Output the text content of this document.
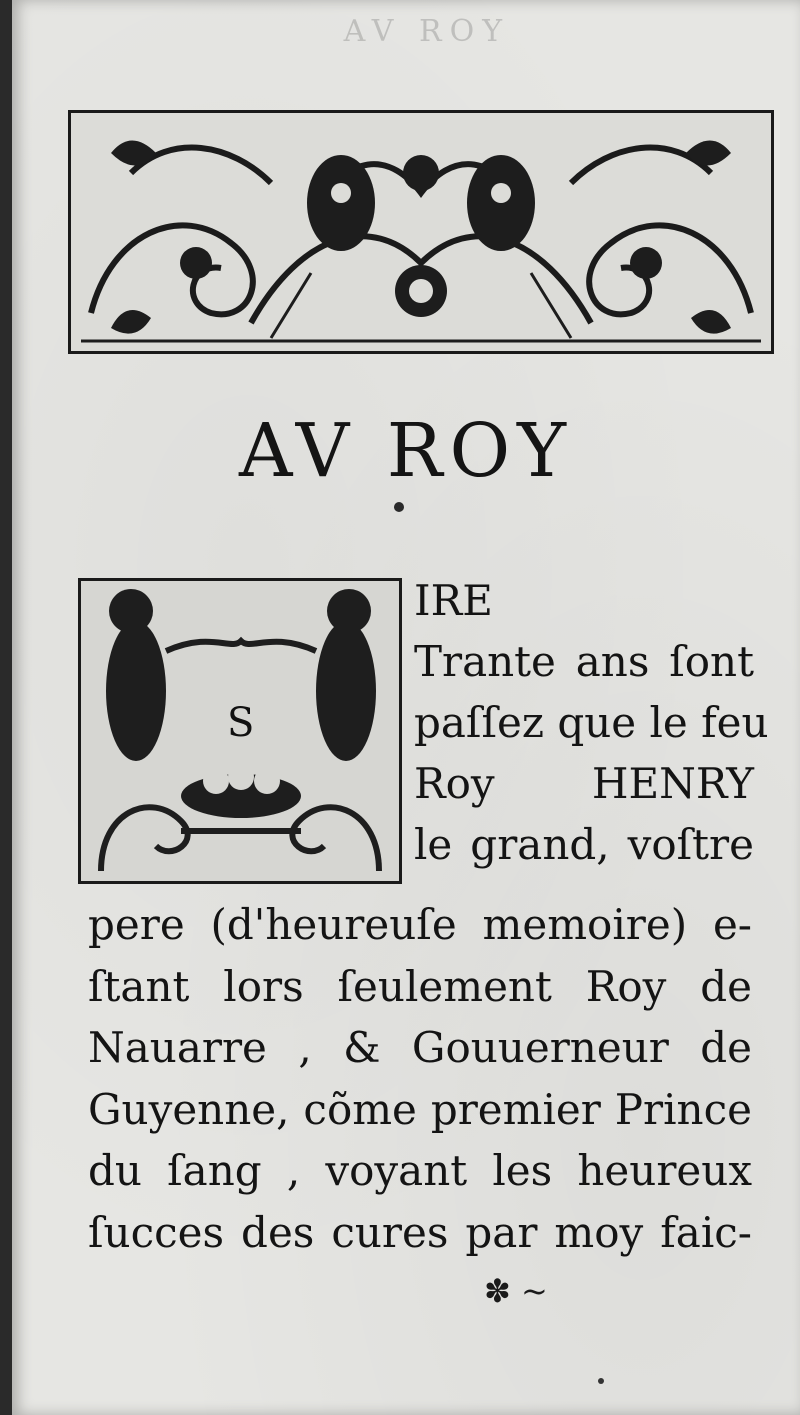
AV ROY
AV ROY
S
IRE
Trante ans ſont
paſſez que le feu
Roy HENRY
le grand, voſtre
pere (d'heureuſe memoire) e-
ſtant lors ſeulement Roy de
Nauarre , & Gouuerneur de
Guyenne, cõme premier Prince
du ſang , voyant les heureux
ſucces des cures par moy faic-
✽ ~
